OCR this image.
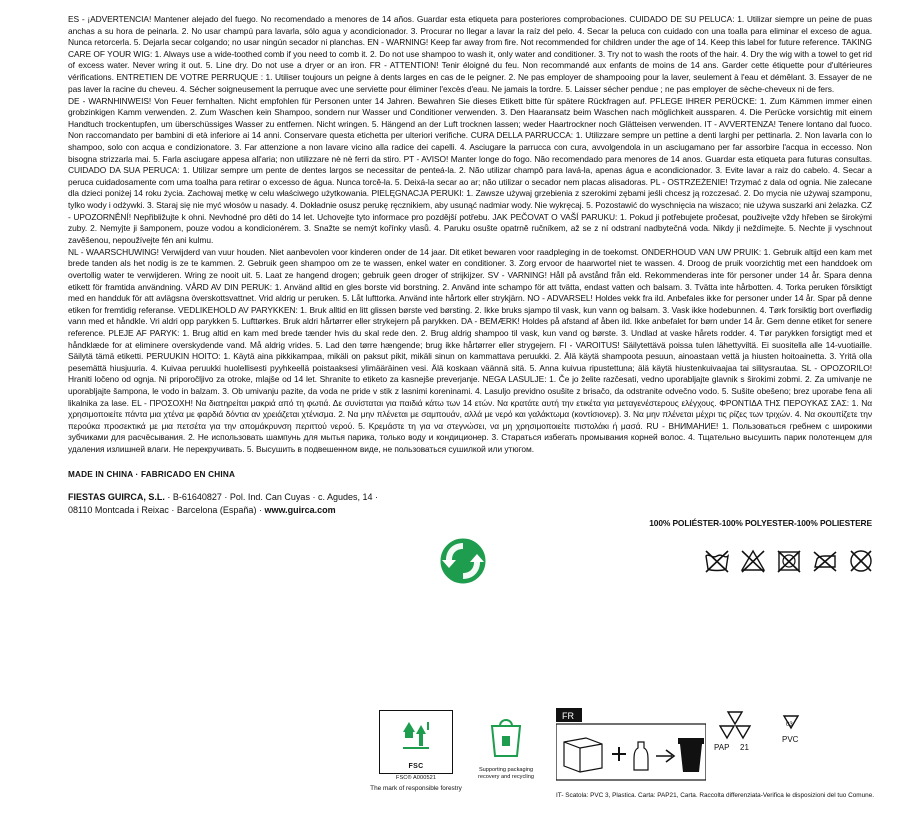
ES - ¡ADVERTENCIA! Mantener alejado del fuego. No recomendado a menores de 14 años. Guardar esta etiqueta para posteriores comprobaciones. CUIDADO DE SU PELUCA: 1. Utilizar siempre un peine de puas anchas a su hora de peinarla. 2. No usar champú para lavarla, sólo agua y acondicionador. 3. Procurar no llegar a lavar la raíz del pelo. 4. Secar la peluca con cuidado con una toalla para eliminar el exceso de agua. Nunca retorcerla. 5. Dejarla secar colgando; no usar ningún secador ni planchas. EN - WARNING! Keep far away from fire. Not recommended for children under the age of 14. Keep this label for future reference. TAKING CARE OF YOUR WIG: 1. Always use a wide-toothed comb if you need to comb it. 2. Do not use shampoo to wash it, only water and conditioner. 3. Try not to wash the roots of the hair. 4. Dry the wig with a towel to get rid of excess water. Never wring it out. 5. Line dry. Do not use a dryer or an iron. FR - ATTENTION! Tenir éloigné du feu. Non recommandé aux enfants de moins de 14 ans. Garder cette étiquette pour d'ultérieures vérifications. ENTRETIEN DE VOTRE PERRUQUE : 1. Utiliser toujours un peigne à dents larges en cas de le peigner. 2. Ne pas employer de shampooing pour la laver, seulement à l'eau et démêlant. 3. Essayer de ne pas laver la racine du cheveu. 4. Sécher soigneusement la perruque avec une serviette pour éliminer l'excès d'eau. Ne jamais la tordre. 5. Laisser sécher pendue ; ne pas employer de sèche-cheveux ni de fers.

DE - WARNHINWEIS! Von Feuer fernhalten. Nicht empfohlen für Personen unter 14 Jahren. Bewahren Sie dieses Etikett bitte für spätere Rückfragen auf. PFLEGE IHRER PERÜCKE: 1. Zum Kämmen immer einen grobzinkigen Kamm verwenden. 2. Zum Waschen kein Shampoo, sondern nur Wasser und Conditioner verwenden. 3. Den Haaransatz beim Waschen nach möglichkeit aussparen. 4. Die Perücke vorsichtig mit einem Handtuch trockentupfen, um überschüssiges Wasser zu entfernen. Nicht wringen. 5. Hängend an der Luft trocknen lassen; weder Haartrockner noch Glätteisen verwenden. IT - AVVERTENZA! Tenere lontano dal fuoco. Non raccomandato per bambini di età inferiore ai 14 anni. Conservare questa etichetta per ulteriori verifiche. CURA DELLA PARRUCCA: 1. Utilizzare sempre un pettine a denti larghi per pettinarla. 2. Non lavarla con lo shampoo, solo con acqua e condizionatore. 3. Far attenzione a non lavare vicino alla radice dei capelli. 4. Asciugare la parrucca con cura, avvolgendola in un asciugamano per far assorbire l'acqua in eccesso. Non bisogna strizzarla mai. 5. Farla asciugare appesa all'aria; non utilizzare nè nè ferri da stiro. PT - AVISO! Manter longe do fogo. Não recomendado para menores de 14 anos. Guardar esta etiqueta para futuras consultas. CUIDADO DA SUA PERUCA: 1. Utilizar sempre um pente de dentes largos se necessitar de penteá-la. 2. Não utilizar champô para lavá-la, apenas água e acondicionador. 3. Evite lavar a raiz do cabelo. 4. Secar a peruca cuidadosamente com uma toalha para retirar o excesso de água. Nunca torcê-la. 5. Deixá-la secar ao ar; não utilizar o secador nem placas alisadoras. PL - OSTRZEŻENIE! Trzymać z dala od ognia. Nie zalecane dla dzieci poniżej 14 roku życia. Zachowaj metkę w celu właściwego użytkowania. PIELĘGNACJA PERUKI: 1. Zawsze używaj grzebienia z szerokimi zębami jeśli chcesz ją rozczesać. 2. Do mycia nie używaj szamponu, tylko wody i odżywki. 3. Staraj się nie myć włosów u nasady. 4. Dokładnie osusz perukę ręcznikiem, aby usunąć nadmiar wody. Nie wykręcaj. 5. Pozostawić do wyschnięcia na wiszaco; nie używa suszarki ani żelazka. CZ - UPOZORNĚNÍ! Nepřibližujte k ohni. Nevhodné pro děti do 14 let. Uchovejte tyto informace pro pozdější potřebu. JAK PEČOVAT O VAŠÍ PARUKU: 1. Pokud ji potřebujete pročesat, použivejte vždy hřeben se širokými zuby. 2. Nemyjte ji šamponem, pouze vodou a kondicionérem. 3. Snažte se nemýt kořínky vlasů. 4. Paruku osušte opatrně ručníkem, až se z ní odstraní nadbytečná voda. Nikdy ji neždímejte. 5. Nechte ji vyschnout zavěšenou, nepoužívejte fén ani kulmu.

NL - WAARSCHUWING! Verwijderd van vuur houden. Niet aanbevolen voor kinderen onder de 14 jaar. Dit etiket bewaren voor raadpleging in de toekomst. ONDERHOUD VAN UW PRUIK: 1. Gebruik altijd een kam met brede tanden als het nodig is ze te kammen. 2. Gebruik geen shampoo om ze te wassen, enkel water en conditioner. 3. Zorg ervoor de haarwortel niet te wassen. 4. Droog de pruik voorzichtig met een handdoek om overtollig water te verwijderen. Wring ze nooit uit. 5. Laat ze hangend drogen; gebruik geen droger of strijkijzer. SV - VARNING! Håll på avstånd från eld. Rekommenderas inte för personer under 14 år. Spara denna etikett för framtida användning. VÅRD AV DIN PERUK: 1. Använd alltid en gles borste vid borstning. 2. Använd inte schampo för att tvätta, endast vatten och balsam. 3. Tvätta inte hårbotten. 4. Torka peruken försiktigt med en handduk för att avlägsna överskottsvattnet. Vrid aldrig ur peruken. 5. Låt lufttorka. Använd inte hårtork eller strykjärn. NO - ADVARSEL! Holdes vekk fra ild. Anbefales ikke for personer under 14 år. Spar på denne etiken for fremtidig referanse. VEDLIKEHOLD AV PARYKKEN: 1. Bruk alltid en litt glissen børste ved børsting. 2. Ikke bruks sjampo til vask, kun vann og balsam. 3. Vask ikke hodebunnen. 4. Tørk forsiktig bort overflødig vann med et håndkle. Vri aldri opp parykken 5. Lufttørkes. Bruk aldri hårtørrer eller strykejern på parykken. DA - BEMÆRK! Holdes på afstand af åben ild. Ikke anbefalet for børn under 14 år. Gem denne etiket for senere reference. PLEJE AF PARYK: 1. Brug altid en kam med brede tænder hvis du skal rede den. 2. Brug aldrig shampoo til vask, kun vand og børste. 3. Undlad at vaske hårets rodder. 4. Tør parykken forsigtigt med et håndklæde for at eliminere overskydende vand. Må aldrig vrides. 5. Lad den tørre hængende; brug ikke hårtørrer eller strygejern. FI - VAROITUS! Säilytettävä poissa tulen lähettyviltä. Ei suositella alle 14-vuotiaille. Säilytä tämä etiketti. PERUUKIN HOITO: 1. Käytä aina pikkikampaa, mikäli on paksut pikit, mikäli sinun on kammattava peruukki. 2. Älä käytä shampoota pesuun, ainoastaan vettä ja hiusten hoitoainetta. 3. Yritä olla pesemättä hiusjuuria. 4. Kuivaa peruukki huolellisesti pyyhkeellä poistaaksesi ylimääräinen vesi. Älä koskaan väännä sitä. 5. Anna kuivua ripustettuna; älä käytä hiustenkuivaajaa tai silitysrautaa. SL - OPOZORILO! Hraniti ločeno od ognja. Ni priporočljivo za otroke, mlajše od 14 let. Shranite to etiketo za kasnejše preverjanje. NEGA LASULJE: 1. Če jo želite razčesati, vedno uporabljajte glavnik s širokimi zobmi. 2. Za umivanje ne uporabljajte šampona, le vodo in balzam. 3. Ob umivanju pazite, da voda ne pride v stik z lasnimi koreninami. 4. Lasuljo previdno osušite z brisačo, da odstranite odvečno vodo. 5. Sušite obešeno; brez uporabe fena ali likalnika za lase. EL - ΠΡΟΣΟΧΗ! Να διατηρείται μακριά από τη φωτιά. Δε συνίσταται για παιδιά κάτω των 14 ετών. Να κρατάτε αυτή την ετικέτα για μεταγενέστερους ελέγχους. ΦΡΟΝΤΙΔΑ ΤΗΣ ΠΕΡΟΥΚΑΣ ΣΑΣ: 1. Να χρησιμοποιείτε πάντα μια χτένα με φαρδιά δόντια αν χρειάζεται χτένισμα. 2. Να μην πλένεται με σαμπουάν, αλλά με νερό και γαλάκτωμα (κοντίσιονερ). 3. Να μην πλένεται μέχρι τις ρίζες των τριχών. 4. Να σκουπίζετε την περούκα προσεκτικά με μια πετσέτα για την απομάκρυνση περιττού νερού. 5. Κρεμάστε τη για να στεγνώσει, να μη χρησιμοποιείτε πιστολάκι ή μασά. RU - ВНИМАНИЕ! 1. Пользоваться гребнем с широкими зубчиками для расчёсывания. 2. Не использовать шампунь для мытья парика, только воду и кондиционер. 3. Стараться избегать промывания корней волос. 4. Тщательно высушить парик полотенцем для удаления излишней влаги. Не перекручивать. 5. Высушить в подвешенном виде, не пользоваться сушилкой или утюгом.

MADE IN CHINA · FABRICADO EN CHINA
FIESTAS GUIRCA, S.L. · B-61640827 · Pol. Ind. Can Cuyas · c. Agudes, 14 ·
08110 Montcada i Reixac · Barcelona (España) · www.guirca.com
100% POLIÉSTER-100% POLYESTER-100% POLIESTERE
FSC
FSC® A000521
The mark of responsible forestry
Supporting packaging recovery and recycling
FR
PAP 21
03
PVC
IT- Scatola: PVC 3, Plastica. Carta: PAP21, Carta. Raccolta differenziata-Verifica le disposizioni del tuo Comune.
